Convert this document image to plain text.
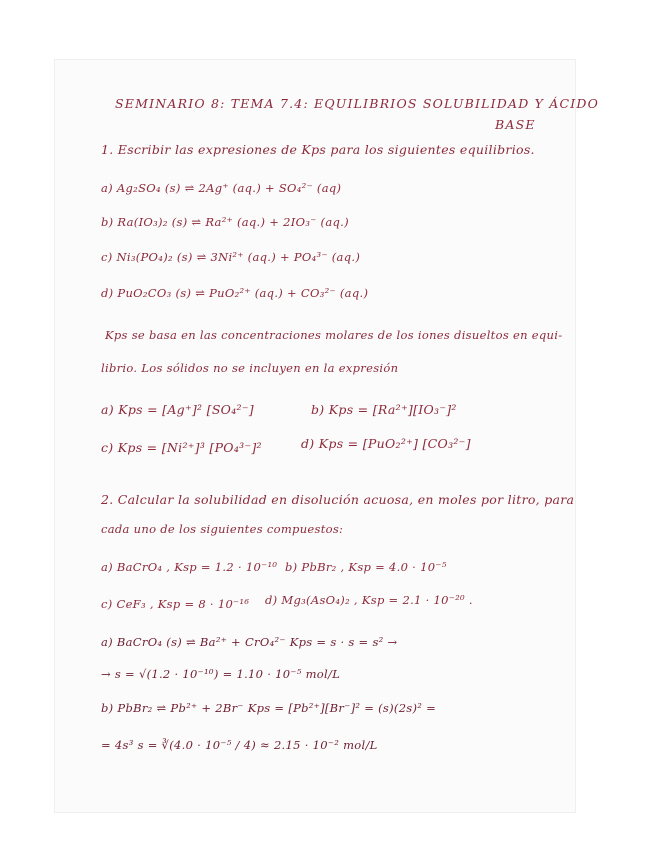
SEMINARIO 8: TEMA 7.4: EQUILIBRIOS SOLUBILIDAD Y ÁCIDO
BASE
1. Escribir las expresiones de Kps para los siguientes equilibrios.
a) Ag₂SO₄ (s) ⇌ 2Ag⁺ (aq.) + SO₄²⁻ (aq)
b) Ra(IO₃)₂ (s) ⇌ Ra²⁺ (aq.) + 2IO₃⁻ (aq.)
c) Ni₃(PO₄)₂ (s) ⇌ 3Ni²⁺ (aq.) + PO₄³⁻ (aq.)
d) PuO₂CO₃ (s) ⇌ PuO₂²⁺ (aq.) + CO₃²⁻ (aq.)
Kps se basa en las concentraciones molares de los iones disueltos en equi-
librio. Los sólidos no se incluyen en la expresión
a) Kps = [Ag⁺]² [SO₄²⁻]	b) Kps = [Ra²⁺][IO₃⁻]²
c) Kps = [Ni²⁺]³ [PO₄³⁻]²	d) Kps = [PuO₂²⁺] [CO₃²⁻]
2. Calcular la solubilidad en disolución acuosa, en moles por litro, para
cada uno de los siguientes compuestos:
a) BaCrO₄ , Ksp = 1.2 · 10⁻¹⁰ b) PbBr₂ , Ksp = 4.0 · 10⁻⁵
c) CeF₃ , Ksp = 8 · 10⁻¹⁶ d) Mg₃(AsO₄)₂ , Ksp = 2.1 · 10⁻²⁰ .
a) BaCrO₄ (s) ⇌ Ba²⁺ + CrO₄²⁻ Kps = s · s = s² →
→ s = √(1.2 · 10⁻¹⁰) = 1.10 · 10⁻⁵ mol/L
b) PbBr₂ ⇌ Pb²⁺ + 2Br⁻ Kps = [Pb²⁺][Br⁻]² = (s)(2s)² =
= 4s³ s = ∛(4.0 · 10⁻⁵ / 4) ≈ 2.15 · 10⁻² mol/L
